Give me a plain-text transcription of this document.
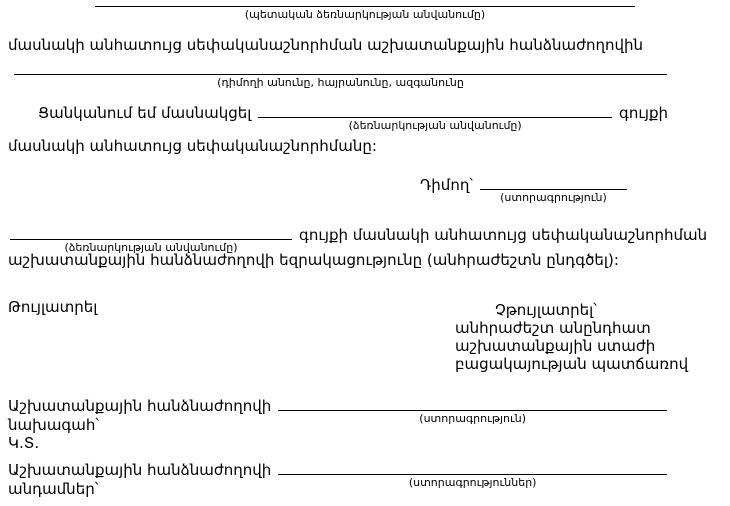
(պետական ձեռնարկության անվանումը)
մասնակի անհատույց սեփականաշնորհման աշխատանքային հանձնաժողովին
(դիմողի անունը, հայրանունը, ազգանունը
Ցանկանում եմ մասնակցել
(ձեռնարկության անվանումը)
գույքի
մասնակի անհատույց սեփականաշնորհմանը:
Դիմող՝
(ստորագրություն)
(ձեռնարկության անվանումը)
գույքի մասնակի անհատույց սեփականաշնորհման
աշխատանքային հանձնաժողովի եզրակացությունը (անհրաժեշտն ընդգծել):
Թույլատրել	Չթույլատրել՝
անհրաժեշտ անընդհատ
աշխատանքային ստաժի
բացակայության պատճառով
Աշխատանքային հանձնաժողովի
(ստորագրություն)
նախագահ՝
Կ.Տ.
Աշխատանքային հանձնաժողովի
(ստորագրություններ)
անդամներ՝
